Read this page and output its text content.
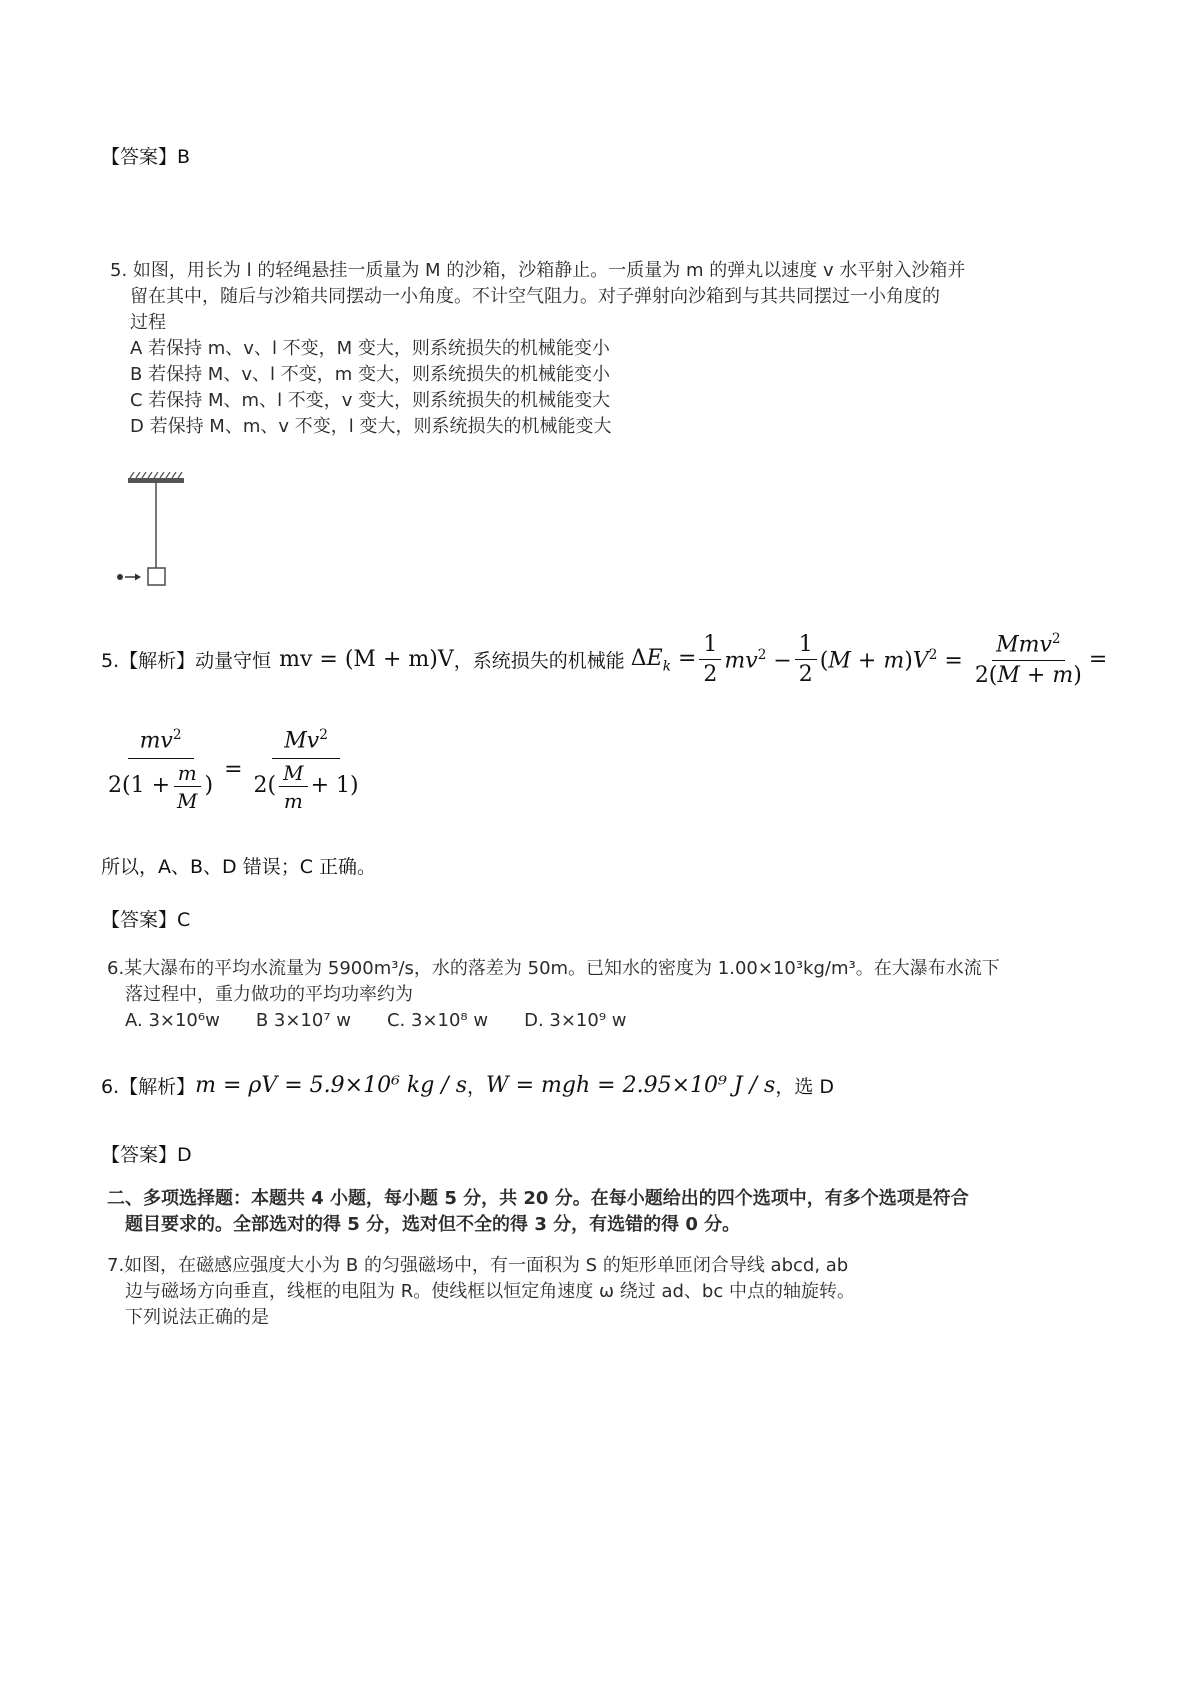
【答案】B
5. 如图，用长为 l 的轻绳悬挂一质量为 M 的沙箱，沙箱静止。一质量为 m 的弹丸以速度 v 水平射入沙箱并
留在其中，随后与沙箱共同摆动一小角度。不计空气阻力。对子弹射向沙箱到与其共同摆过一小角度的
过程
A 若保持 m、v、l 不变，M 变大，则系统损失的机械能变小
B 若保持 M、v、l 不变，m 变大，则系统损失的机械能变小
C 若保持 M、m、l 不变，v 变大，则系统损失的机械能变大
D 若保持 M、m、v 不变，l 变大，则系统损失的机械能变大
5.【解析】动量守恒 mv = (M + m)V ，系统损失的机械能 $\Delta E_k = \frac{1}{2} mv^2 - \frac{1}{2} (M + m)V^2 = \frac{Mmv^2}{2(M + m)}$ =
$\frac{mv^2}{2(1 + \frac{m}{M} )} = \frac{Mv^2}{2( \frac{M}{m} + 1)}$
所以，A、B、D 错误；C 正确。
【答案】C
6.某大瀑布的平均水流量为 5900m³/s，水的落差为 50m。已知水的密度为 1.00×10³kg/m³。在大瀑布水流下
落过程中，重力做功的平均功率约为
A. 3×10⁶w　　B 3×10⁷ w　　C. 3×10⁸ w　　D. 3×10⁹ w
6.【解析】 m = ρV = 5.9×10⁶ kg / s ， W = mgh = 2.95×10⁹ J / s ，选 D
【答案】D
二、多项选择题：本题共 4 小题，每小题 5 分，共 20 分。在每小题给出的四个选项中，有多个选项是符合
题目要求的。全部选对的得 5 分，选对但不全的得 3 分，有选错的得 0 分。
7.如图，在磁感应强度大小为 B 的匀强磁场中，有一面积为 S 的矩形单匝闭合导线 abcd, ab
边与磁场方向垂直，线框的电阻为 R。使线框以恒定角速度 ω 绕过 ad、bc 中点的轴旋转。
下列说法正确的是
